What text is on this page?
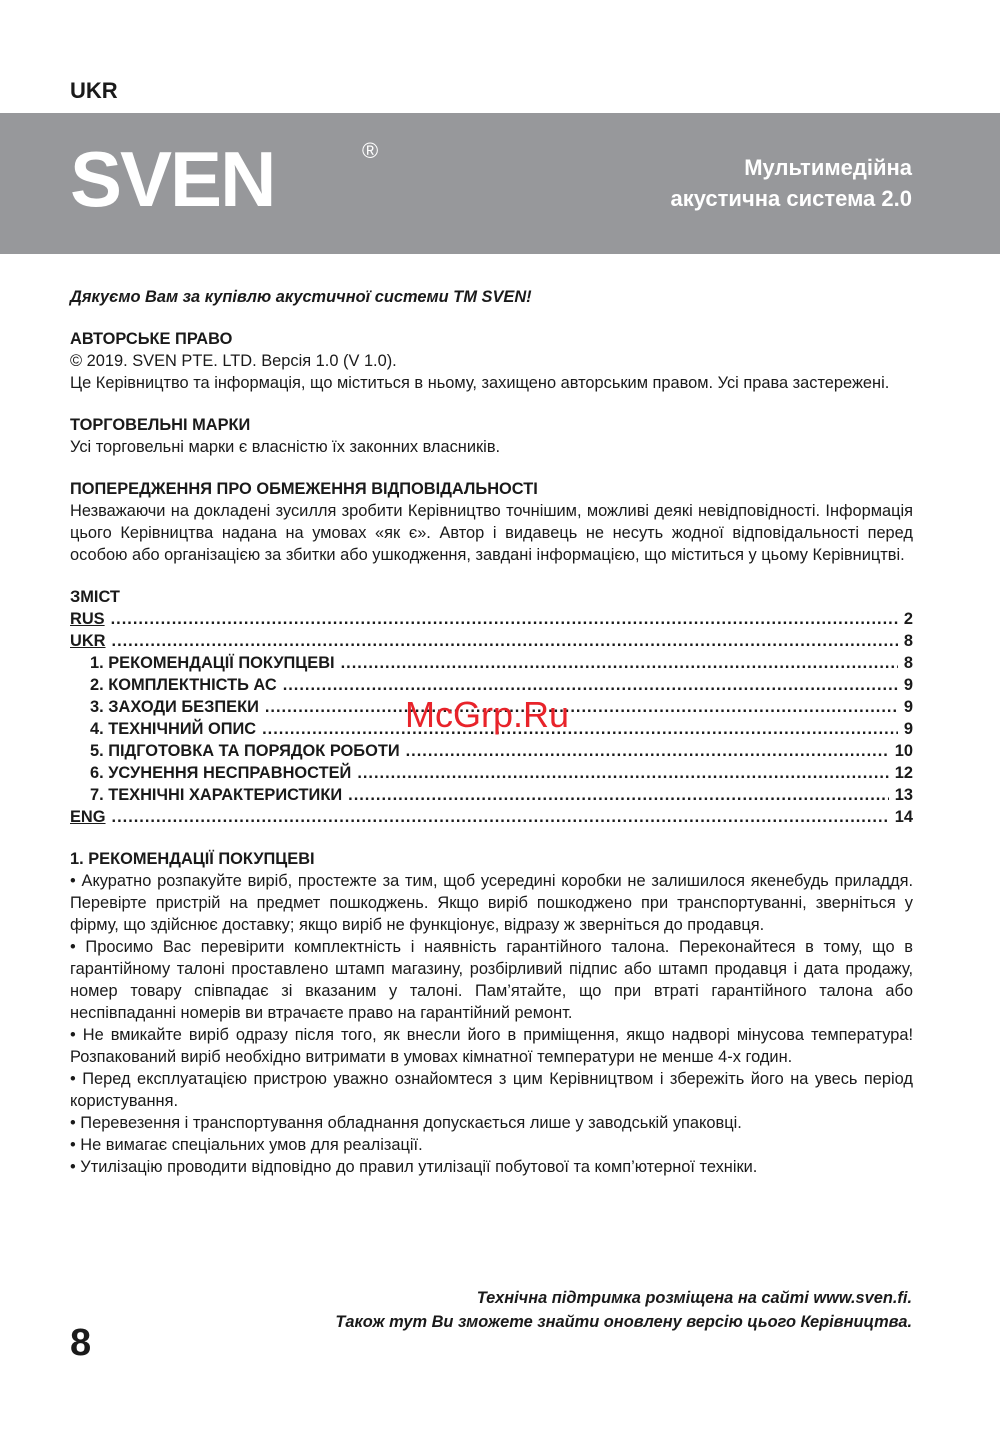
UKR
SVEN	®
Мультимедійна
акустична система 2.0

Дякуємо Вам за купівлю акустичної системи ТМ SVEN!

АВТОРСЬКЕ ПРАВО

© 2019. SVEN PTE. LTD. Версія 1.0 (V 1.0).

Це Керівництво та інформація, що міститься в ньому, захищено авторським правом. Усі права застережені.

ТОРГОВЕЛЬНІ МАРКИ

Усі торговельні марки є власністю їх законних власників.

ПОПЕРЕДЖЕННЯ ПРО ОБМЕЖЕННЯ ВІДПОВІДАЛЬНОСТІ

Незважаючи на докладені зусилля зробити Керівництво точнішим, можливі деякі невідповідності. Інформація цього Керівництва надана на умовах «як є». Автор і видавець не несуть жодної відповідальності перед особою або організацією за збитки або ушкодження, завдані інформацією, що міститься у цьому Керівництві.

ЗМІСТ
RUS .....	2
UKR .....	8
1. РЕКОМЕНДАЦІЇ ПОКУПЦЕВІ .....	8
2. КОМПЛЕКТНІСТЬ АС .....	9
3. ЗАХОДИ БЕЗПЕКИ .....	9
4. ТЕХНІЧНИЙ ОПИС .....	9
5. ПІДГОТОВКА ТА ПОРЯДОК РОБОТИ .....	10
6. УСУНЕННЯ НЕСПРАВНОСТЕЙ .....	12
7. ТЕХНІЧНІ ХАРАКТЕРИСТИКИ .....	13
ENG .....	14
1. РЕКОМЕНДАЦІЇ ПОКУПЦЕВІ

• Акуратно розпакуйте виріб, простежте за тим, щоб усередині коробки не залишилося якенебудь приладдя. Перевірте пристрій на предмет пошкоджень. Якщо виріб пошкоджено при транспортуванні, зверніться у фірму, що здійснює доставку; якщо виріб не функціонує, відразу ж зверніться до продавця.

• Просимо Вас перевірити комплектність і наявність гарантійного талона. Переконайтеся в тому, що в гарантійному талоні проставлено штамп магазину, розбірливий підпис або штамп продавця і дата продажу, номер товару співпадає зі вказаним у талоні. Пам’ятайте, що при втраті гарантійного талона або неспівпаданні номерів ви втрачаєте право на гарантійний ремонт.

• Не вмикайте виріб одразу після того, як внесли його в приміщення, якщо надворі мінусова температура! Розпакований виріб необхідно витримати в умовах кімнатної температури не менше 4-х годин.

• Перед експлуатацією пристрою уважно ознайомтеся з цим Керівництвом і збережіть його на увесь період користування.

• Перевезення і транспортування обладнання допускається лише у заводській упаковці.

• Не вимагає спеціальних умов для реалізації.

• Утилізацію проводити відповідно до правил утилізації побутової та комп’ютерної техніки.

Технічна підтримка розміщена на сайті www.sven.fi.
Також тут Ви зможете знайти оновлену версію цього Керівництва.
8
McGrp.Ru
